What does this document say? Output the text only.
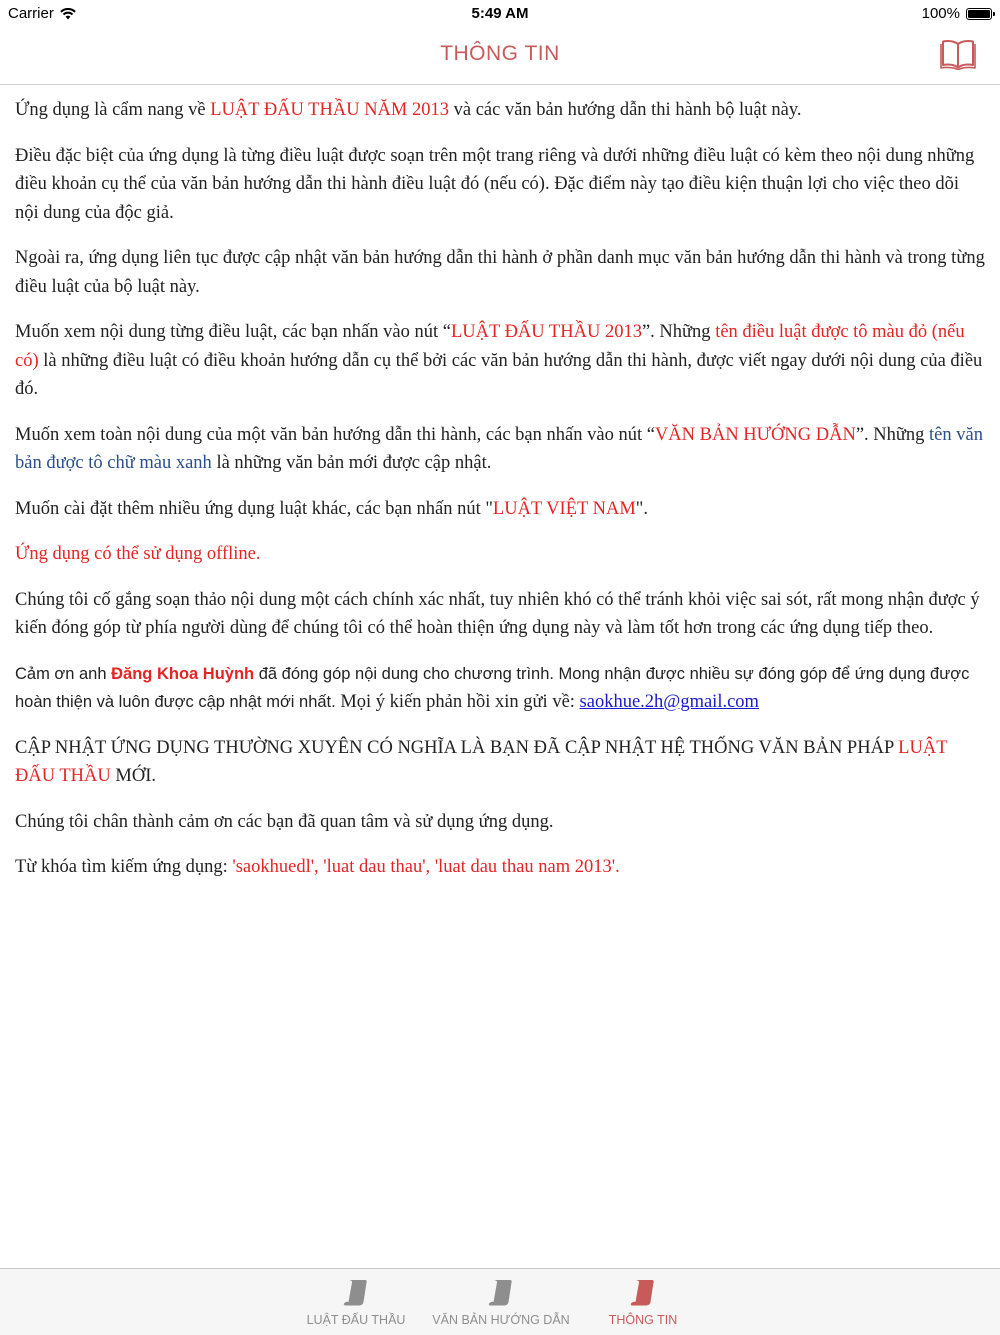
Carrier	5:49 AM	100%
THÔNG TIN

Ứng dụng là cẩm nang về LUẬT ĐẤU THẦU NĂM 2013 và các văn bản hướng dẫn thi hành bộ luật này.

Điều đặc biệt của ứng dụng là từng điều luật được soạn trên một trang riêng và dưới những điều luật có kèm theo nội dung những điều khoản cụ thể của văn bản hướng dẫn thi hành điều luật đó (nếu có). Đặc điểm này tạo điều kiện thuận lợi cho việc theo dõi nội dung của độc giả.

Ngoài ra, ứng dụng liên tục được cập nhật văn bản hướng dẫn thi hành ở phần danh mục văn bản hướng dẫn thi hành và trong từng điều luật của bộ luật này.

Muốn xem nội dung từng điều luật, các bạn nhấn vào nút “LUẬT ĐẤU THẦU 2013”. Những tên điều luật được tô màu đỏ (nếu có) là những điều luật có điều khoản hướng dẫn cụ thể bởi các văn bản hướng dẫn thi hành, được viết ngay dưới nội dung của điều đó.

Muốn xem toàn nội dung của một văn bản hướng dẫn thi hành, các bạn nhấn vào nút “VĂN BẢN HƯỚNG DẪN”. Những tên văn bản được tô chữ màu xanh là những văn bản mới được cập nhật.

Muốn cài đặt thêm nhiều ứng dụng luật khác, các bạn nhấn nút "LUẬT VIỆT NAM".

Ứng dụng có thể sử dụng offline.

Chúng tôi cố gắng soạn thảo nội dung một cách chính xác nhất, tuy nhiên khó có thể tránh khỏi việc sai sót, rất mong nhận được ý kiến đóng góp từ phía người dùng để chúng tôi có thể hoàn thiện ứng dụng này và làm tốt hơn trong các ứng dụng tiếp theo.

Cảm ơn anh Đăng Khoa Huỳnh đã đóng góp nội dung cho chương trình. Mong nhận được nhiều sự đóng góp để ứng dụng được hoàn thiện và luôn được cập nhật mới nhất. Mọi ý kiến phản hồi xin gửi về: saokhue.2h@gmail.com

CẬP NHẬT ỨNG DỤNG THƯỜNG XUYÊN CÓ NGHĨA LÀ BẠN ĐÃ CẬP NHẬT HỆ THỐNG VĂN BẢN PHÁP LUẬT ĐẤU THẦU MỚI.

Chúng tôi chân thành cảm ơn các bạn đã quan tâm và sử dụng ứng dụng.

Từ khóa tìm kiếm ứng dụng: 'saokhuedl', 'luat dau thau', 'luat dau thau nam 2013'.

LUẬT ĐẤU THẦU	VĂN BẢN HƯỚNG DẪN	THÔNG TIN
